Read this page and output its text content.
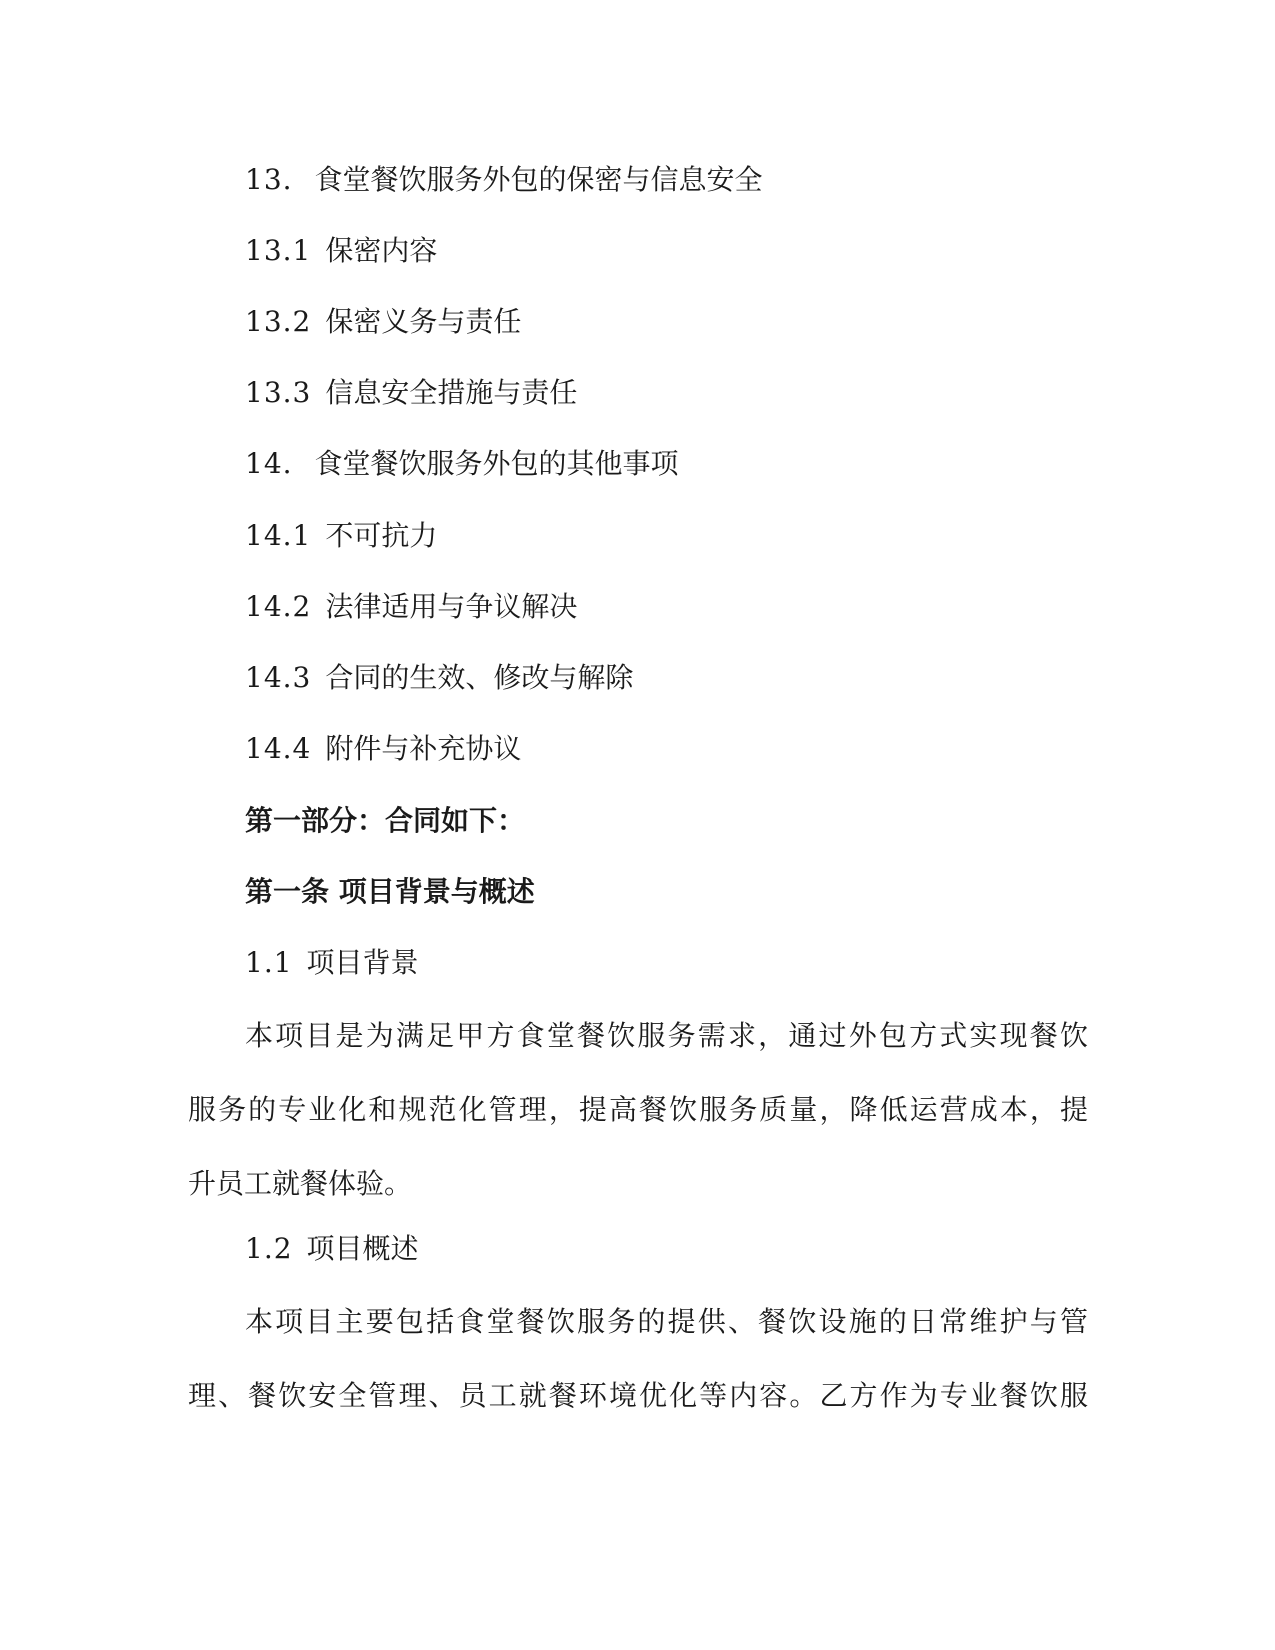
13. 食堂餐饮服务外包的保密与信息安全
13.1 保密内容
13.2 保密义务与责任
13.3 信息安全措施与责任
14. 食堂餐饮服务外包的其他事项
14.1 不可抗力
14.2 法律适用与争议解决
14.3 合同的生效、修改与解除
14.4 附件与补充协议
第一部分：合同如下：
第一条 项目背景与概述
1.1 项目背景
本项目是为满足甲方食堂餐饮服务需求，通过外包方式实现餐饮
服务的专业化和规范化管理，提高餐饮服务质量，降低运营成本，提
升员工就餐体验。
1.2 项目概述
本项目主要包括食堂餐饮服务的提供、餐饮设施的日常维护与管
理、餐饮安全管理、员工就餐环境优化等内容。乙方作为专业餐饮服
